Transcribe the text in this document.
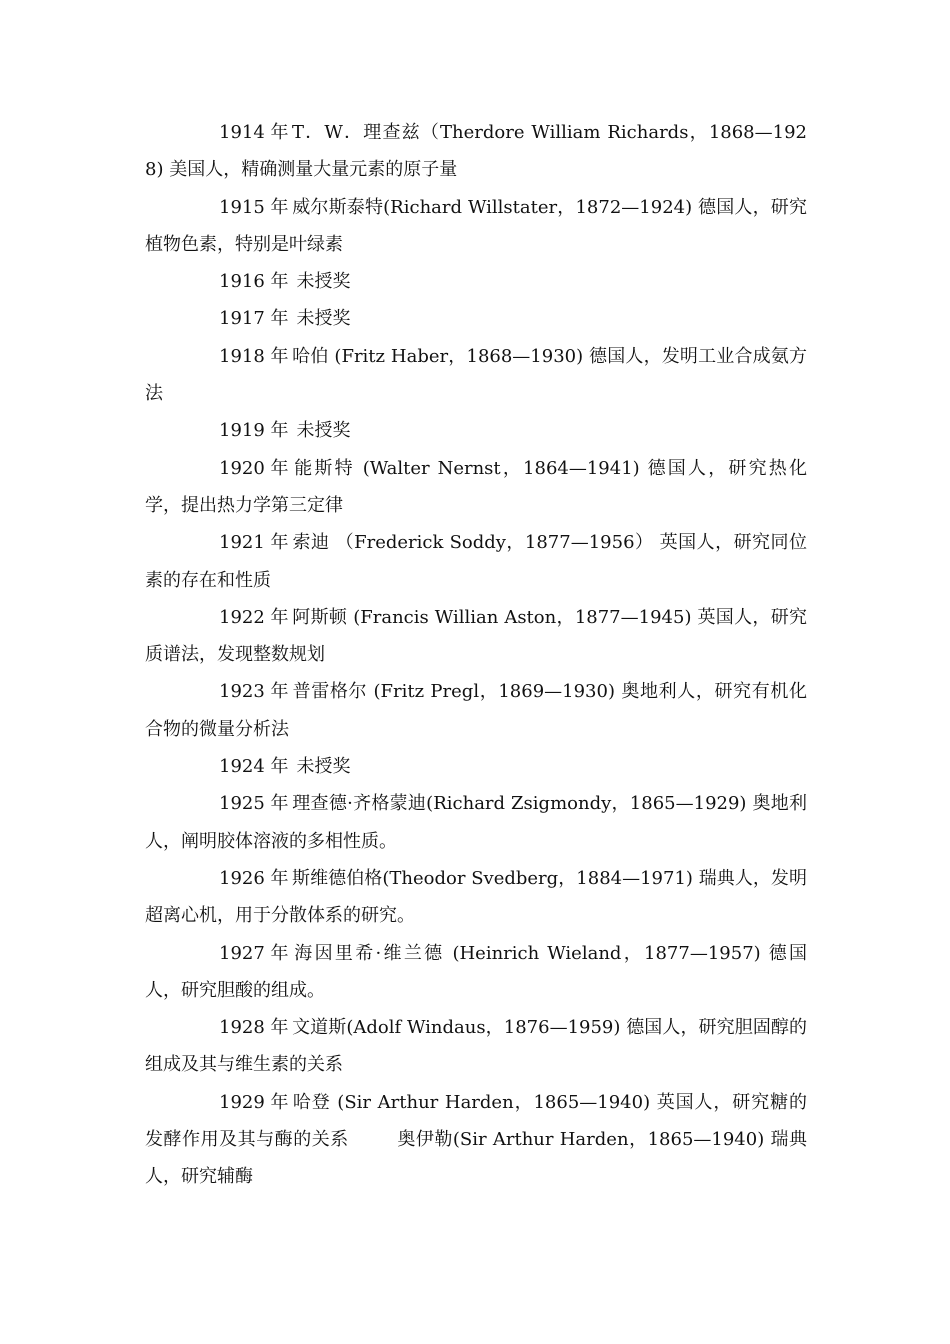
1914 年 T．W．理查兹（Therdore William Richards，1868—1928) 美国人，精确测量大量元素的原子量

1915 年 威尔斯泰特(Richard Willstater，1872—1924) 德国人，研究植物色素，特别是叶绿素

1916 年 未授奖

1917 年 未授奖

1918 年 哈伯 (Fritz Haber，1868—1930) 德国人，发明工业合成氨方法

1919 年 未授奖

1920 年 能斯特 (Walter Nernst，1864—1941) 德国人，研究热化学，提出热力学第三定律

1921 年 索迪 （Frederick Soddy，1877—1956） 英国人，研究同位素的存在和性质

1922 年 阿斯顿 (Francis Willian Aston，1877—1945) 英国人，研究质谱法，发现整数规划

1923 年 普雷格尔 (Fritz Pregl，1869—1930) 奥地利人，研究有机化合物的微量分析法

1924 年 未授奖

1925 年 理查德·齐格蒙迪(Richard Zsigmondy，1865—1929) 奥地利人，阐明胶体溶液的多相性质。

1926 年 斯维德伯格(Theodor Svedberg，1884—1971) 瑞典人，发明超离心机，用于分散体系的研究。

1927 年 海因里希·维兰德 (Heinrich Wieland，1877—1957) 德国人，研究胆酸的组成。

1928 年 文道斯(Adolf Windaus，1876—1959) 德国人，研究胆固醇的组成及其与维生素的关系

1929 年 哈登 (Sir Arthur Harden，1865—1940) 英国人，研究糖的发酵作用及其与酶的关系	奥伊勒(Sir Arthur Harden，1865—1940) 瑞典人，研究辅酶
